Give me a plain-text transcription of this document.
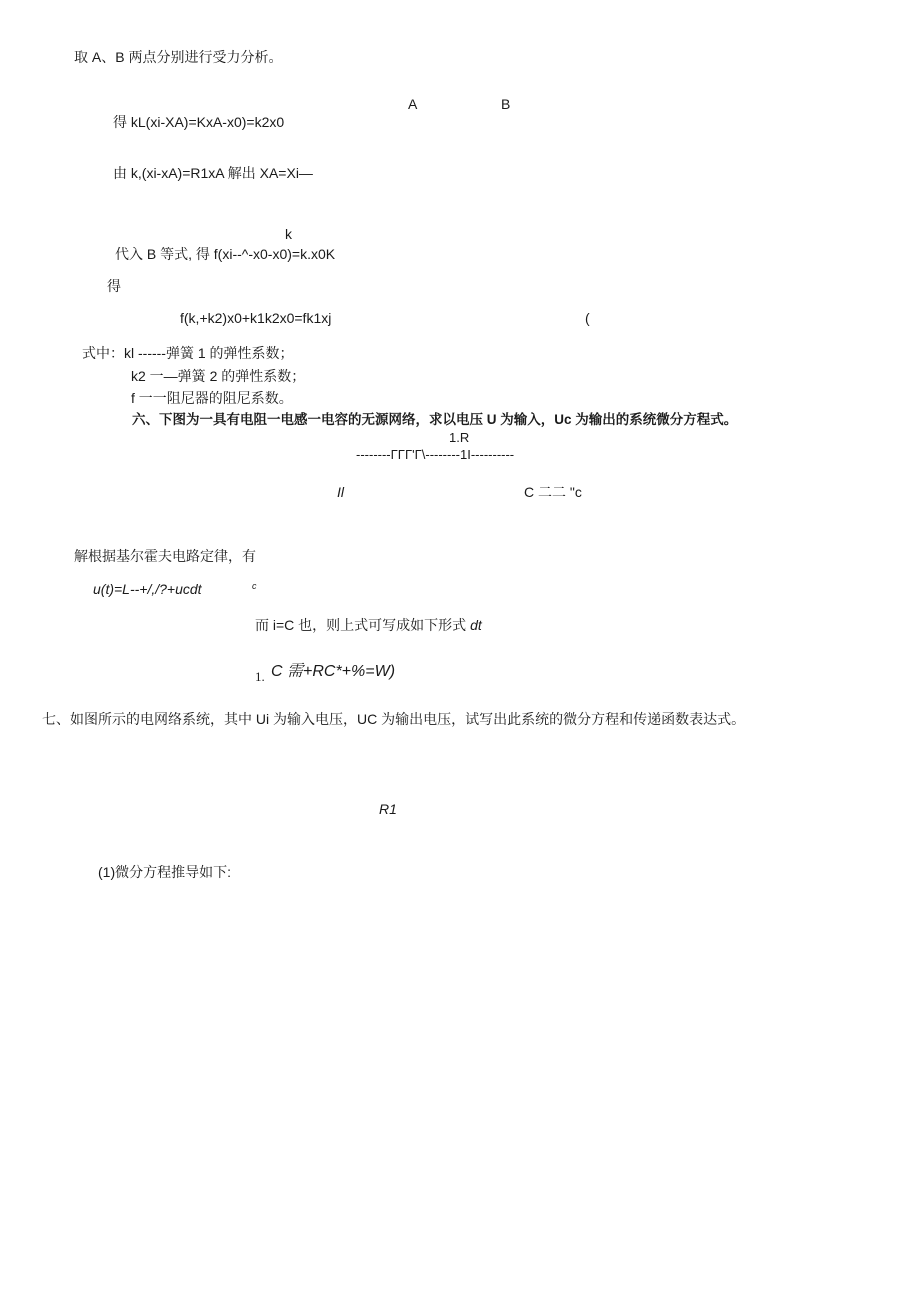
取 A、B 两点分别进行受力分析。
A	B
得 kL(xi-XA)=KxA-x0)=k2x0
由 k,(xi-xA)=R1xA 解出 XA=Xi—
k
代入 B 等式, 得 f(xi--^-x0-x0)=k.x0K
得
f(k,+k2)x0+k1k2x0=fk1xj	(
式中：kl ------弹簧 1 的弹性系数；
k2 一—弹簧 2 的弹性系数；
f 一一阻尼器的阻尼系数。
六、下图为一具有电阻一电感一电容的无源网络，求以电压 U 为输入，Uc 为输出的系统微分方程式。
1.R
--------ΓΓΓ'Γ\--------1I----------
Il	C 二二 "c
解根据基尔霍夫电路定律，有
u(t)=L--+/,/?+ucdt	c
而 i=C 也，则上式可写成如下形式 dt
1. C 需+RC*+%=W)
七、如图所示的电网络系统，其中 Ui 为输入电压，UC 为输出电压，试写出此系统的微分方程和传递函数表达式。
R1
(1)微分方程推导如下:
